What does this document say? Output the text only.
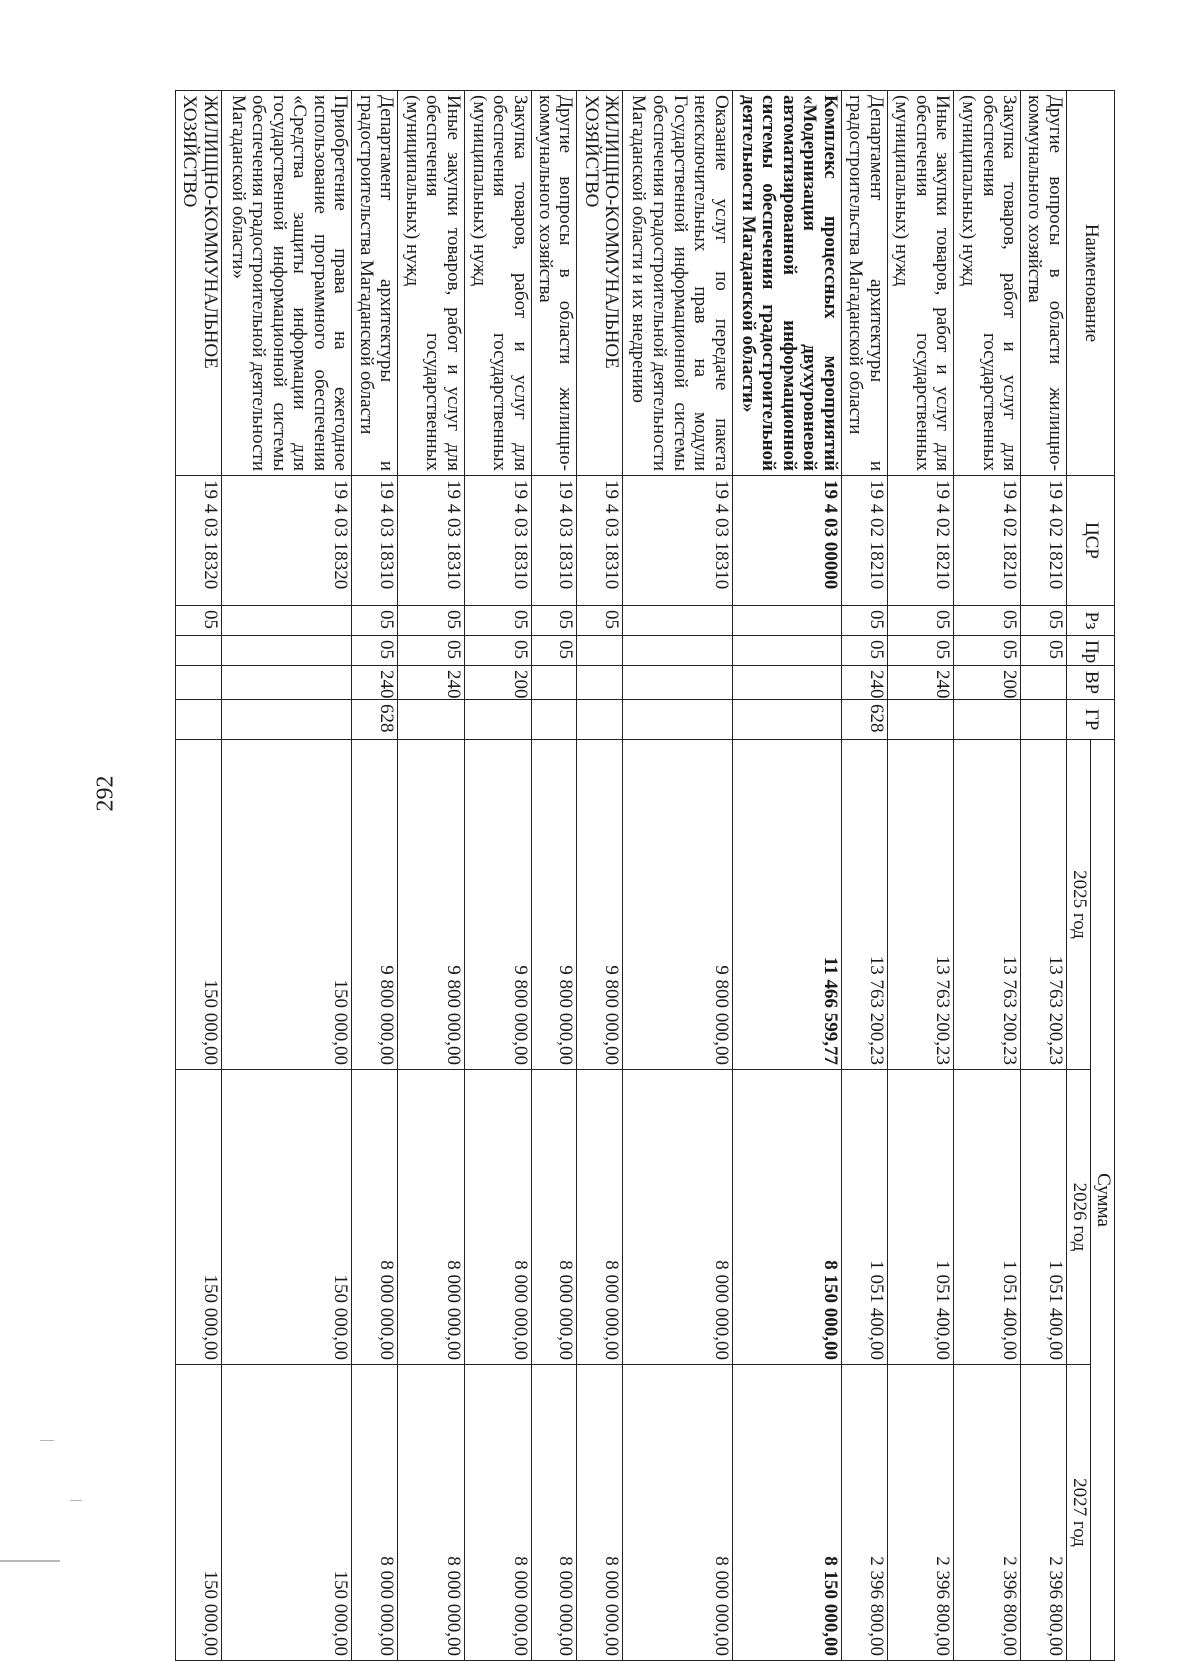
292
Наименование	ЦСР	Рз	Пр	ВР	ГР	Сумма		
						2025 год	2026 год	2027 год
Другие вопросы в области жилищно-коммунального хозяйства	19 4 02 18210	05	05			13 763 200,23	1 051 400,00	2 396 800,00
Закупка товаров, работ и услуг для обеспечения государственных (муниципальных) нужд	19 4 02 18210	05	05	200		13 763 200,23	1 051 400,00	2 396 800,00
Иные закупки товаров, работ и услуг для обеспечения государственных (муниципальных) нужд	19 4 02 18210	05	05	240		13 763 200,23	1 051 400,00	2 396 800,00
Департамент архитектуры и градостроительства Магаданской области	19 4 02 18210	05	05	240	628	13 763 200,23	1 051 400,00	2 396 800,00
Комплекс процессных мероприятий «Модернизация двухуровневой автоматизированной информационной системы обеспечения градостроительной деятельности Магаданской области»	19 4 03 00000					11 466 599,77	8 150 000,00	8 150 000,00
Оказание услуг по передаче пакета неисключительных прав на модули Государственной информационной системы обеспечения градостроительной деятельности Магаданской области и их внедрению	19 4 03 18310					9 800 000,00	8 000 000,00	8 000 000,00
ЖИЛИЩНО-КОММУНАЛЬНОЕ ХОЗЯЙСТВО	19 4 03 18310	05				9 800 000,00	8 000 000,00	8 000 000,00
Другие вопросы в области жилищно-коммунального хозяйства	19 4 03 18310	05	05			9 800 000,00	8 000 000,00	8 000 000,00
Закупка товаров, работ и услуг для обеспечения государственных (муниципальных) нужд	19 4 03 18310	05	05	200		9 800 000,00	8 000 000,00	8 000 000,00
Иные закупки товаров, работ и услуг для обеспечения государственных (муниципальных) нужд	19 4 03 18310	05	05	240		9 800 000,00	8 000 000,00	8 000 000,00
Департамент архитектуры и градостроительства Магаданской области	19 4 03 18310	05	05	240	628	9 800 000,00	8 000 000,00	8 000 000,00
Приобретение права на ежегодное использование программного обеспечения «Средства защиты информации для государственной информационной системы обеспечения градостроительной деятельности Магаданской области»	19 4 03 18320					150 000,00	150 000,00	150 000,00
ЖИЛИЩНО-КОММУНАЛЬНОЕ ХОЗЯЙСТВО	19 4 03 18320	05				150 000,00	150 000,00	150 000,00
